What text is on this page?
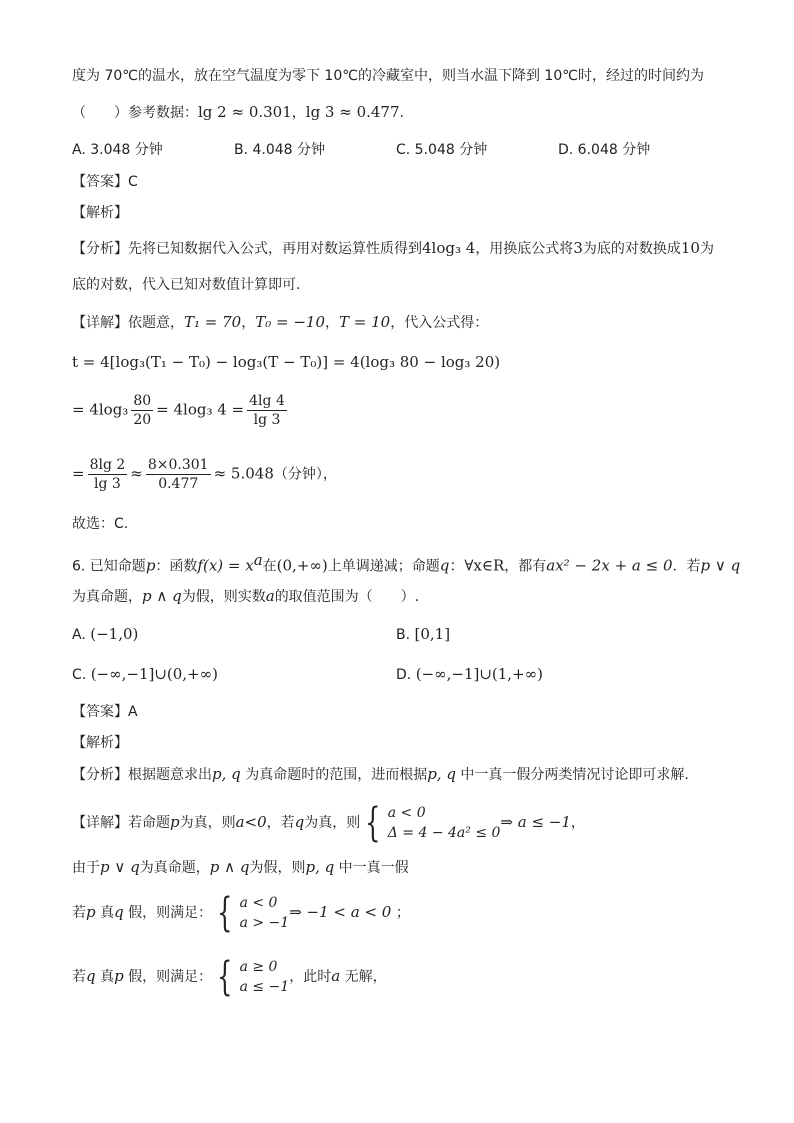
度为 70℃的温水，放在空气温度为零下 10℃的冷藏室中，则当水温下降到 10℃时，经过的时间约为
（　　）参考数据：lg 2 ≈ 0.301，lg 3 ≈ 0.477.
A. 3.048 分钟	B. 4.048 分钟	C. 5.048 分钟	D. 6.048 分钟
【答案】C
【解析】
【分析】先将已知数据代入公式，再用对数运算性质得到4log₃ 4，用换底公式将3为底的对数换成10为
底的对数，代入已知对数值计算即可.
【详解】依题意，T₁ = 70，T₀ = −10，T = 10，代入公式得：
t = 4[log₃(T₁ − T₀) − log₃(T − T₀)] = 4(log₃ 80 − log₃ 20)
= $4\log_3 \frac{80}{20} = 4\log_3$ $4 = \frac{4\lg 4}{\lg 3}$
= $\frac{8\lg 2}{\lg 3} \approx \frac{8\times 0.301}{0.477} \approx 5.048$（分钟），
故选：C.
6. 已知命题p：函数$f(x) = x^a$在(0,+∞)上单调递减；命题q：∀x∈R，都有ax² − 2x + a ≤ 0．若p ∨ q
为真命题，p ∧ q为假，则实数a的取值范围为（　　）.
A. (−1,0)	B. [0,1]
C. (−∞,−1]∪(0,+∞)	D. (−∞,−1]∪(1,+∞)
【答案】A
【解析】
【分析】根据题意求出p, q 为真命题时的范围，进而根据p, q 中一真一假分两类情况讨论即可求解.
【详解】若命题p为真，则a<0，若q为真，则 { a < 0
Δ = 4 − 4a² ≤ 0
⇒ a ≤ −1，
由于p ∨ q为真命题，p ∧ q为假，则p, q 中一真一假
若p 真q 假，则满足： { a < 0
a > −1
⇒ −1 < a < 0 ；
若q 真p 假，则满足： { a ≥ 0
a ≤ −1
，此时a 无解，
